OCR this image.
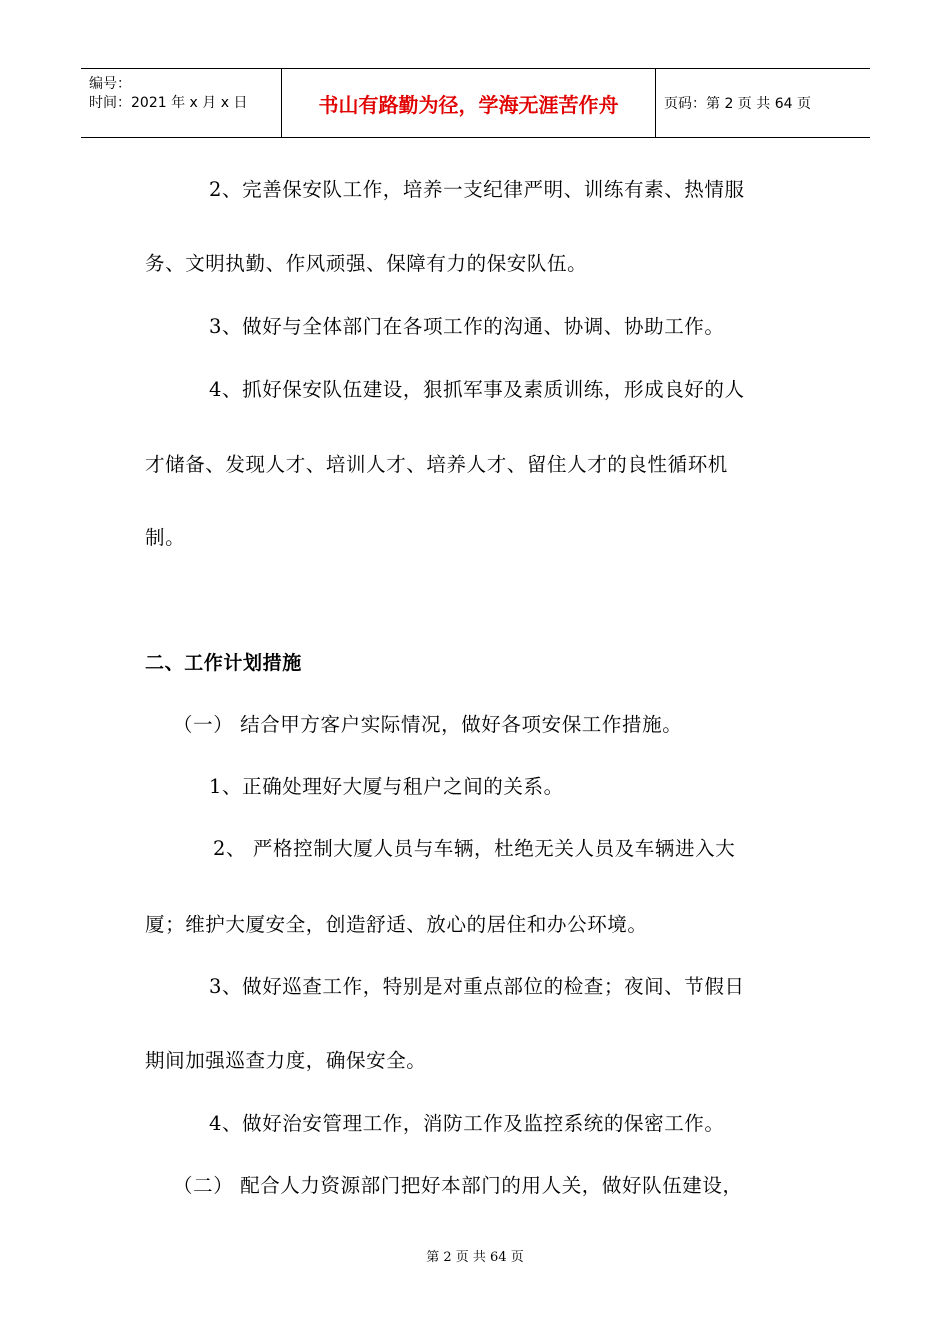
编号：
时间：2021 年 x 月 x 日	书山有路勤为径，学海无涯苦作舟	页码：第 2 页 共 64 页
2、完善保安队工作，培养一支纪律严明、训练有素、热情服
务、文明执勤、作风顽强、保障有力的保安队伍。
3、做好与全体部门在各项工作的沟通、协调、协助工作。
4、抓好保安队伍建设，狠抓军事及素质训练，形成良好的人
才储备、发现人才、培训人才、培养人才、留住人才的良性循环机
制。
二、工作计划措施
（一） 结合甲方客户实际情况，做好各项安保工作措施。
1、正确处理好大厦与租户之间的关系。
2、 严格控制大厦人员与车辆，杜绝无关人员及车辆进入大
厦；维护大厦安全，创造舒适、放心的居住和办公环境。
3、做好巡查工作，特别是对重点部位的检查；夜间、节假日
期间加强巡查力度，确保安全。
4、做好治安管理工作，消防工作及监控系统的保密工作。
（二） 配合人力资源部门把好本部门的用人关，做好队伍建设，
第 2 页 共 64 页
